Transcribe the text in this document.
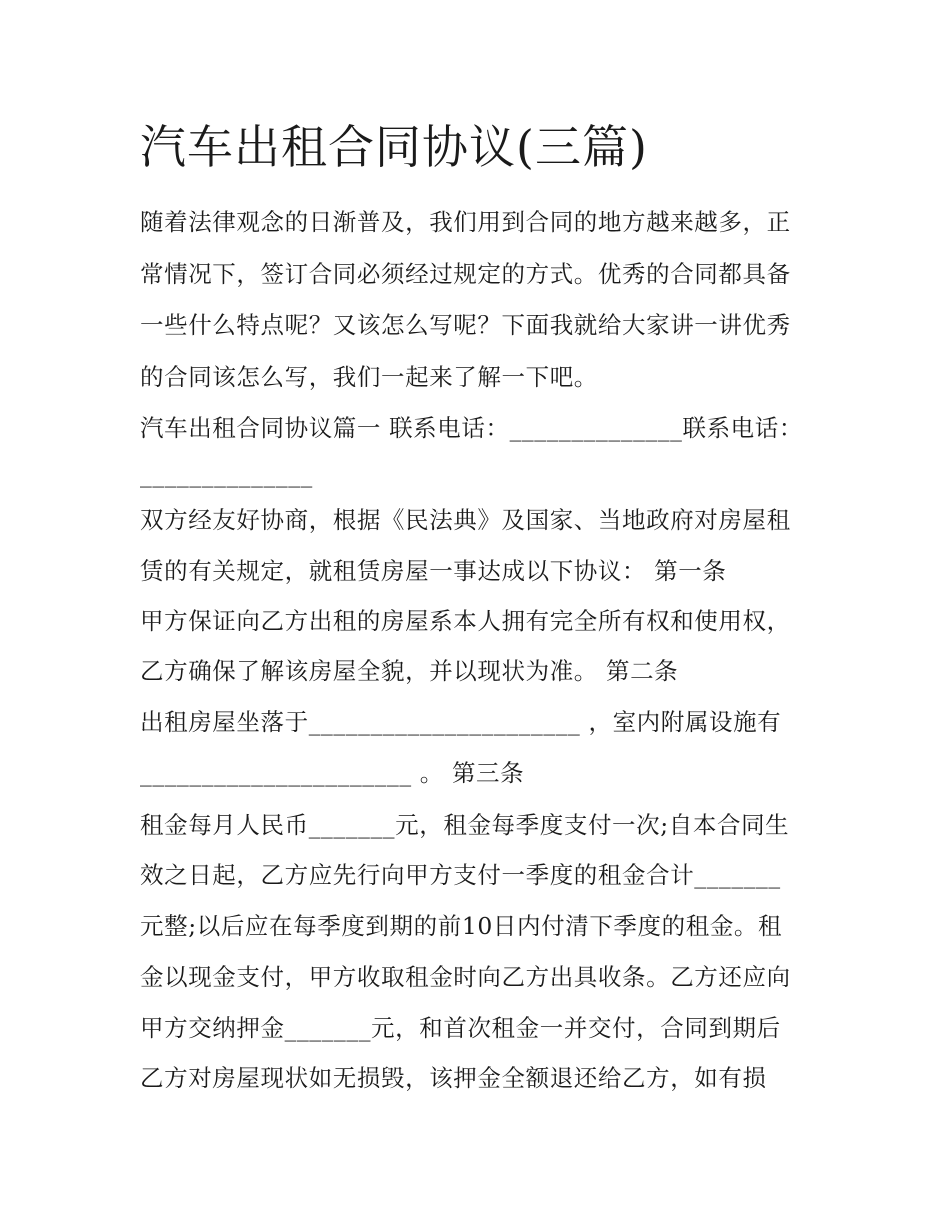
汽车出租合同协议(三篇)
随着法律观念的日渐普及，我们用到合同的地方越来越多，正
常情况下，签订合同必须经过规定的方式。优秀的合同都具备
一些什么特点呢？又该怎么写呢？下面我就给大家讲一讲优秀
的合同该怎么写，我们一起来了解一下吧。
汽车出租合同协议篇一 联系电话：______________联系电话：
______________
双方经友好协商，根据《民法典》及国家、当地政府对房屋租
赁的有关规定，就租赁房屋一事达成以下协议： 第一条
甲方保证向乙方出租的房屋系本人拥有完全所有权和使用权，
乙方确保了解该房屋全貌，并以现状为准。 第二条
出租房屋坐落于______________________ ，室内附属设施有
______________________ 。 第三条
租金每月人民币_______元，租金每季度支付一次;自本合同生
效之日起，乙方应先行向甲方支付一季度的租金合计_______
元整;以后应在每季度到期的前10日内付清下季度的租金。租
金以现金支付，甲方收取租金时向乙方出具收条。乙方还应向
甲方交纳押金_______元，和首次租金一并交付，合同到期后
乙方对房屋现状如无损毁，该押金全额退还给乙方，如有损
